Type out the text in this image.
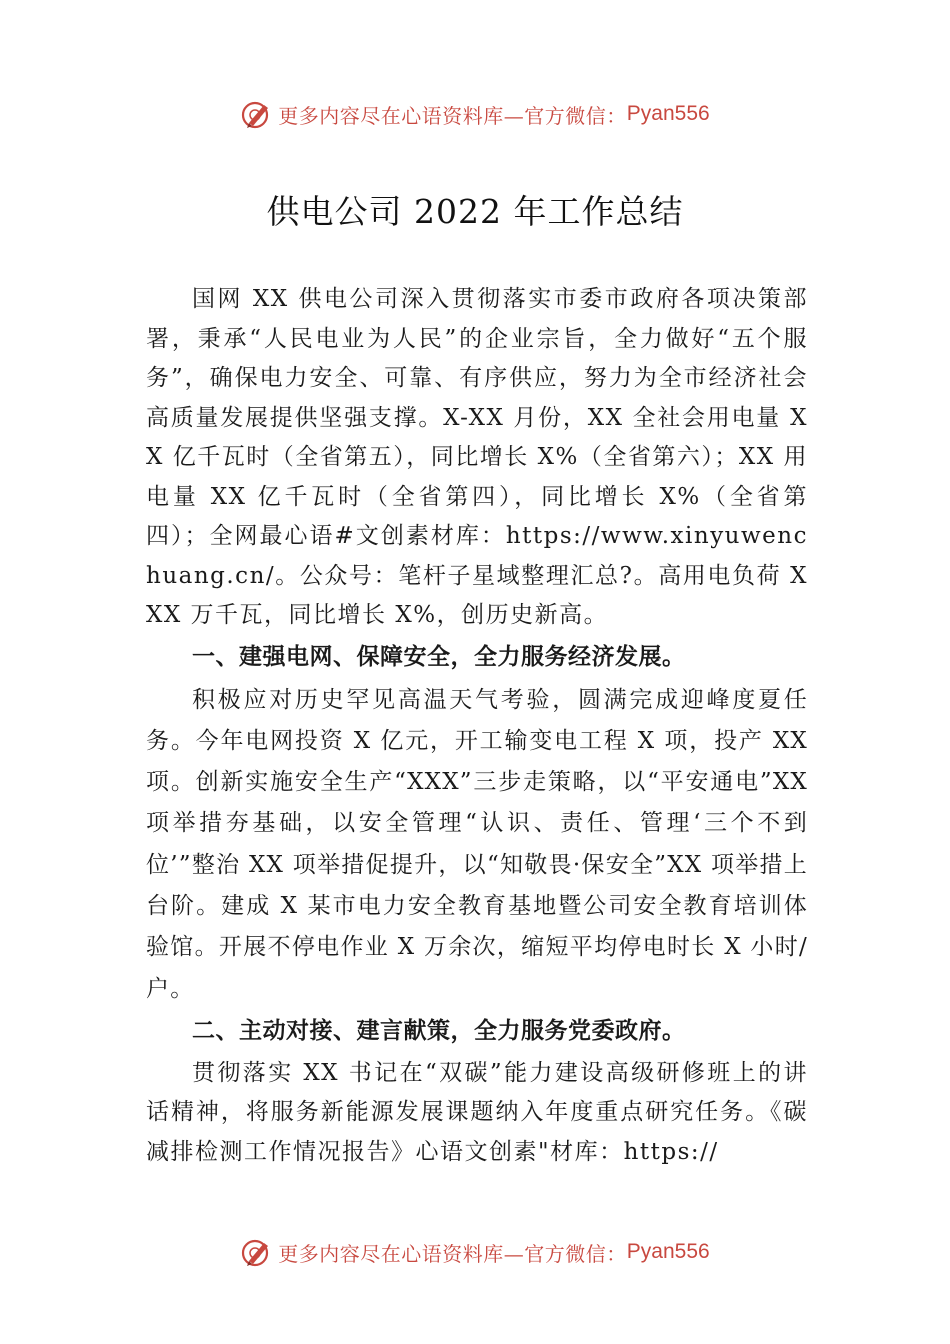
更多内容尽在心语资料库—官方微信： Pyan556
供电公司 2022 年工作总结

国网 XX 供电公司深入贯彻落实市委市政府各项决策部署，秉承“人民电业为人民”的企业宗旨，全力做好“五个服务”，确保电力安全、可靠、有序供应，努力为全市经济社会高质量发展提供坚强支撑。X-XX 月份，XX 全社会用电量 XX 亿千瓦时（全省第五），同比增长 X%（全省第六）；XX 用电量 XX 亿千瓦时（全省第四），同比增长 X%（全省第四）；全网最心语#文创素材库：https://www.xinyuwenchuang.cn/。公众号：笔杆子星域整理汇总?。高用电负荷 XXX 万千瓦，同比增长 X%，创历史新高。

一、建强电网、保障安全，全力服务经济发展。

积极应对历史罕见高温天气考验，圆满完成迎峰度夏任务。今年电网投资 X 亿元，开工输变电工程 X 项，投产 XX 项。创新实施安全生产“XXX”三步走策略，以“平安通电”XX 项举措夯基础，以安全管理“认识、责任、管理‘三个不到位’”整治 XX 项举措促提升，以“知敬畏·保安全”XX 项举措上台阶。建成 X 某市电力安全教育基地暨公司安全教育培训体验馆。开展不停电作业 X 万余次，缩短平均停电时长 X 小时/户。

二、主动对接、建言献策，全力服务党委政府。

贯彻落实 XX 书记在“双碳”能力建设高级研修班上的讲话精神，将服务新能源发展课题纳入年度重点研究任务。《碳减排检测工作情况报告》心语文创素"材库：https://

更多内容尽在心语资料库—官方微信： Pyan556
